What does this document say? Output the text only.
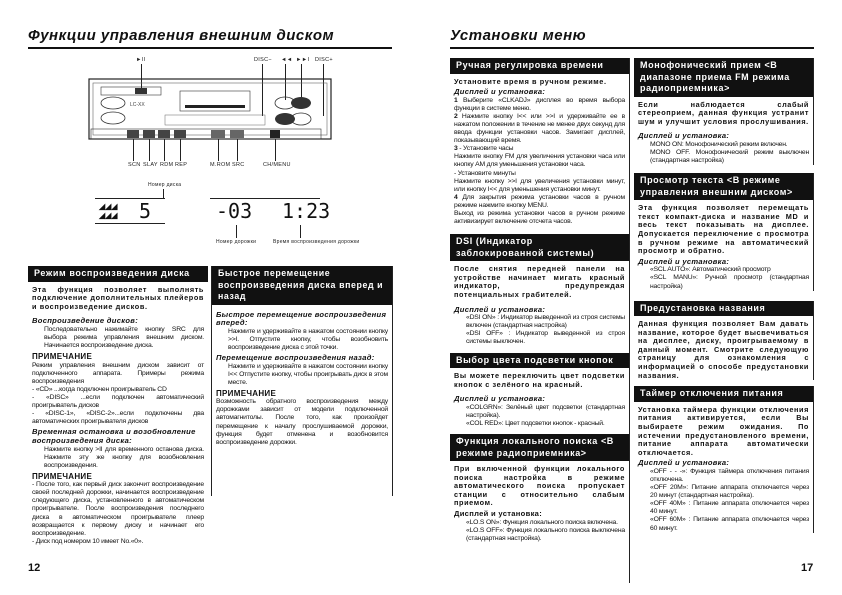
Функции управления внешним диском
►II	DISC− ◄◄ ►►I DISC+
LC-XX
SCN SLAY RDM REP	M.ROM SRC	CH/MENU
Номер диска
◢◢◢
◢◢◢ 5	-03 1:23
Номер дорожки	Время воспроизведения дорожки
Режим воспроизведения диска
Эта функция позволяет выполнять подключение дополнительных плейеров и воспроизведение дисков.
Воспроизведение дисков:
Последовательно нажимайте кнопку SRC для выбора режима управления внешним диском. Начинается воспроизведение диска.
ПРИМЕЧАНИЕ
Режим управления внешним диском зависит от подключенного аппарата. Примеры режима воспроизведения
- «CD» ...когда подключен проигрыватель CD
- «DISC» ...если подключен автоматический проигрыватель дисков
- «DISC-1», «DISC-2»...если подключены два автоматических проигрывателя дисков
Временная остановка и возобновление воспроизведения диска:
Нажмите кнопку >II для временного останова диска. Нажмите эту же кнопку для возобновления воспроизведения.
ПРИМЕЧАНИЕ
- После того, как первый диск закончит воспроизведение своей последней дорожки, начинается воспроизведение следующего диска, установленного в автоматическом проигрывателе. После воспроизведения последнего диска в автоматическом проигрывателе плеер возвращается к первому диску и начинает его воспроизведение.
- Диск под номером 10 имеет No.«0».
Быстрое перемещение воспроизведения диска вперед и назад
Быстрое перемещение воспроизведения вперед:
Нажмите и удерживайте в нажатом состоянии кнопку >>I. Отпустите кнопку, чтобы возобновить воспроизведение диска с этой точки.
Перемещение воспроизведения назад:
Нажмите и удерживайте в нажатом состоянии кнопку I<< Отпустите кнопку, чтобы проигрывать диск в этом месте.
ПРИМЕЧАНИЕ
Возможность обратного воспроизведения между дорожками зависит от модели подключенной автомагнитолы. После того, как произойдет перемещение к началу прослушиваемой дорожки, функция будет отменена и возобновится воспроизведение дорожки.
12
Установки меню
Ручная регулировка времени
Установите время в ручном режиме.
Дисплей и установка:
1 Выберите «CLKADJ» дисплея во время выбора функции в системе меню.
2 Нажмите кнопку I<< или >>I и удерживайте ее в нажатом положении в течение не менее двух секунд для ввода функции установки часов. Замигает дисплей, показывающий время.
3 - Установите часы
Нажмите кнопку FM для увеличения установки часа или кнопку AM для уменьшения установки часа.
- Установите минуты
Нажмите кнопку >>I для увеличения установки минут, или кнопку I<< для уменьшения установки минут.
4 Для закрытия режима установки часов в ручном режиме нажмите кнопку MENU.
Выход из режима установки часов в ручном режиме активизирует включение отсчета часов.
DSI (Индикатор заблокированной системы)
После снятия передней панели на устройстве начинает мигать красный индикатор, предупреждая потенциальных грабителей.
Дисплей и установка:
«DSI ON» : Индикатор выведенной из строя системы включен (стандартная настройка)
«DSI OFF» : Индикатор выведенной из строя системы выключен.
Выбор цвета подсветки кнопок
Вы можете переключить цвет подсветки кнопок с зелёного на красный.
Дисплей и установка:
«COLGRN»: Зелёный цвет подсветки (стандартная настройка).
«COL RED»: Цвет подсветки кнопок - красный.
Функция локального поиска <В режиме радиоприемника>
При включенной функции локального поиска настройка в режиме автоматического поиска пропускает станции с относительно слабым приемом.
Дисплей и установка:
«LO.S ON»: Функция локального поиска включена.
«LO.S OFF»: Функция локального поиска выключена (стандартная настройка).
Монофонический прием <В диапазоне приема FM режима радиоприемника>
Если наблюдается слабый стереоприем, данная функция устранит шум и улучшит условия прослушивания.
Дисплей и установка:
MONO ON: Монофонический режим включен.
MONO OFF. Монофонический режим выключен (стандартная настройка)
Просмотр текста <В режиме управления внешним диском>
Эта функция позволяет перемещать текст компакт-диска и название MD и весь текст показывать на дисплее. Допускается переключение с просмотра в ручном режиме на автоматический просмотр и обратно.
Дисплей и установка:
«SCL AUTO»: Автоматический просмотр
«SCL MANU»: Ручной просмотр (стандартная настройка)
Предустановка названия
Данная функция позволяет Вам давать название, которое будет высвечиваться на дисплее, диску, проигрываемому в данный момент. Смотрите следующую страницу для ознакомления с информацией о способе предустановки названия.
Таймер отключения питания
Установка таймера функции отключения питания активируется, если Вы выбираете режим ожидания. По истечении предустановленого времени, питание аппарата автоматически отключается.
Дисплей и установка:
«OFF - - -»: Функция таймера отключения питания отключена.
«OFF 20M»: Питание аппарата отключается через 20 минут (стандартная настройка).
«OFF 40M» : Питание аппарата отключается через 40 минут.
«OFF 60M» : Питание аппарата отключается через 60 минут.
17
